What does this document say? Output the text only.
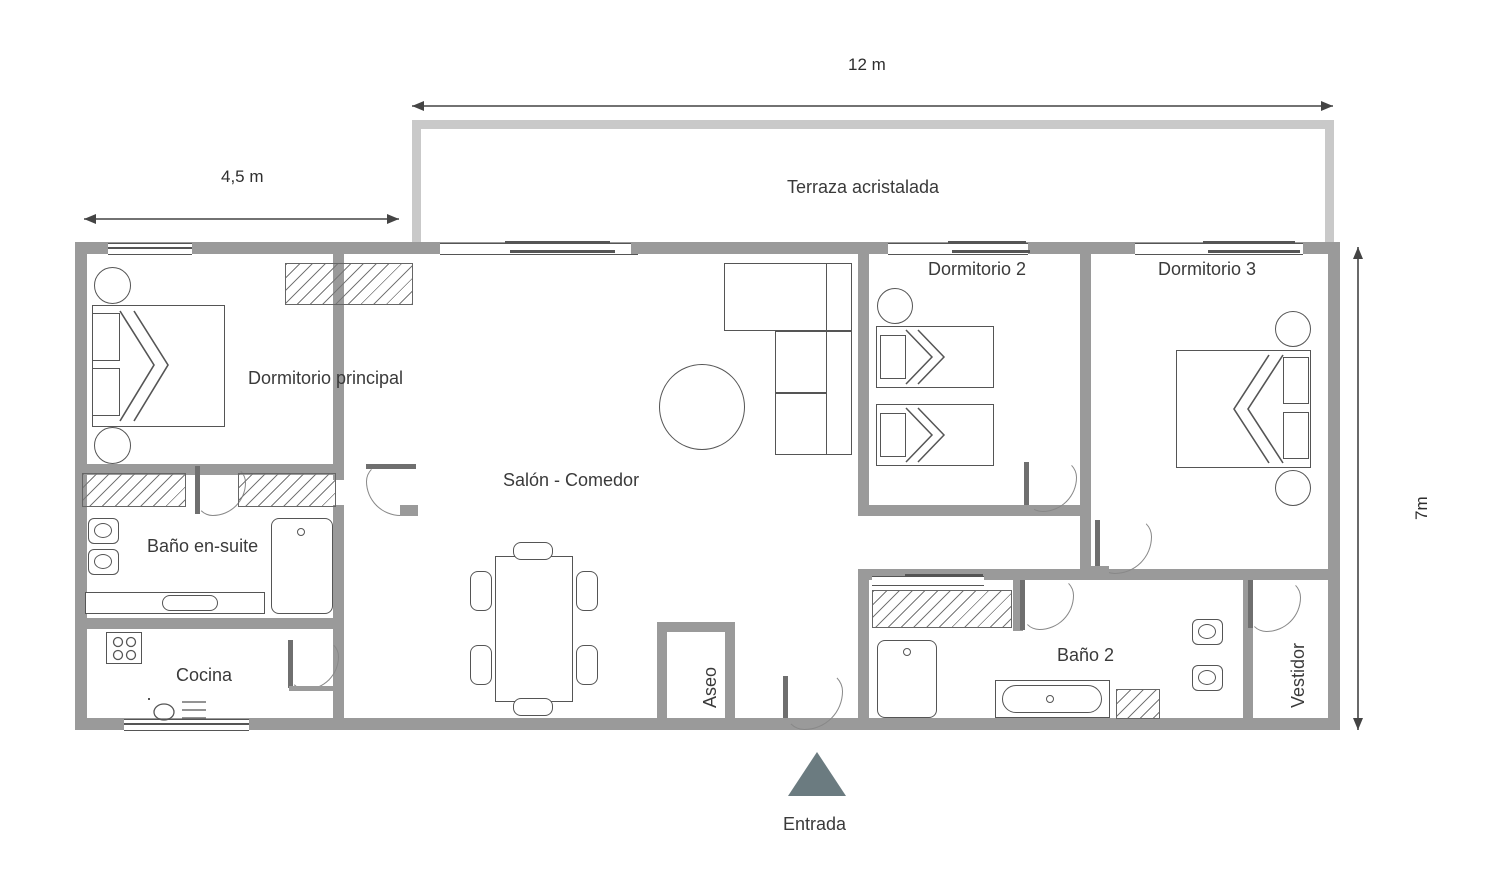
12 m
4,5 m
7m
Terraza acristalada
Dormitorio principal
Baño en-suite
Cocina
Salón - Comedor
Aseo
Dormitorio 2	Dormitorio 3
Baño 2	Vestidor
Entrada
